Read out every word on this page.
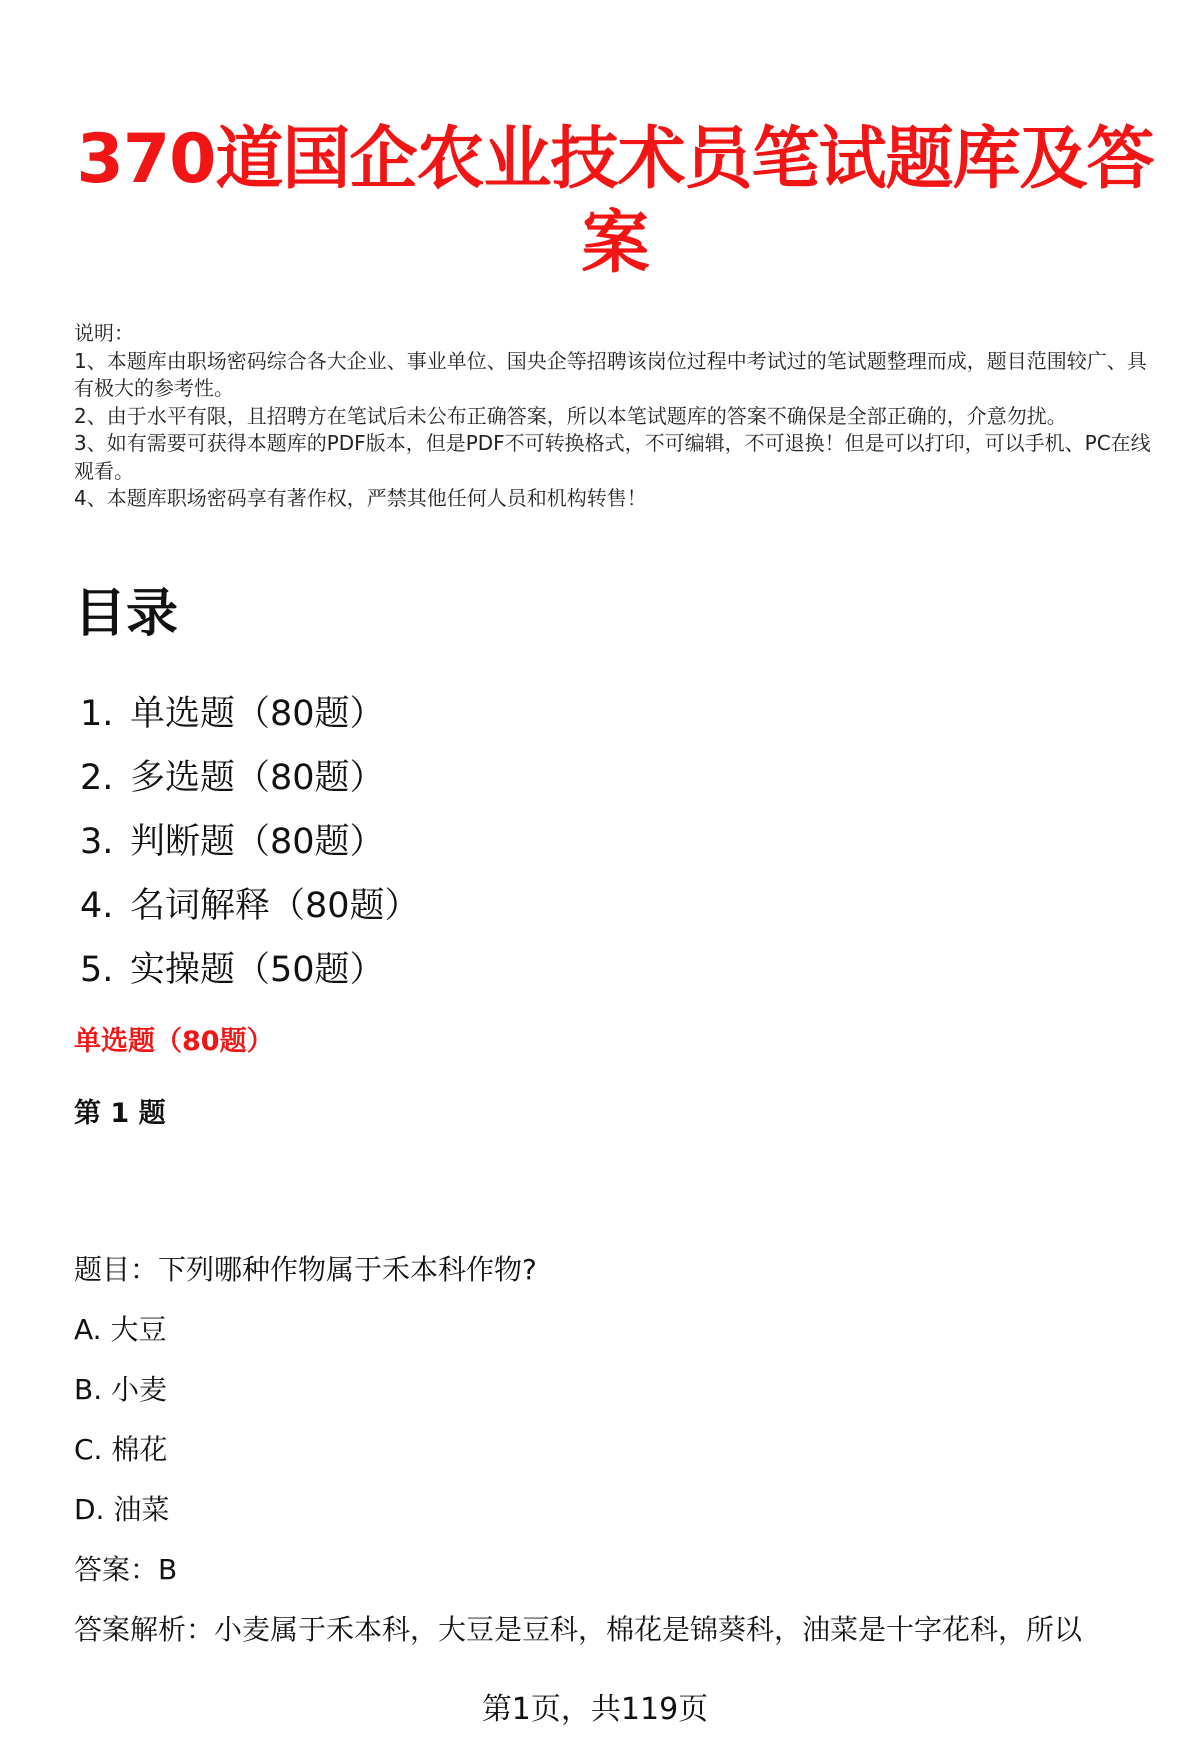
370道国企农业技术员笔试题库及答案

说明：

1、本题库由职场密码综合各大企业、事业单位、国央企等招聘该岗位过程中考试过的笔试题整理而成，题目范围较广、具有极大的参考性。

2、由于水平有限，且招聘方在笔试后未公布正确答案，所以本笔试题库的答案不确保是全部正确的，介意勿扰。

3、如有需要可获得本题库的PDF版本，但是PDF不可转换格式，不可编辑，不可退换！但是可以打印，可以手机、PC在线观看。

4、本题库职场密码享有著作权，严禁其他任何人员和机构转售！

目录
1. 单选题（80题）
2. 多选题（80题）
3. 判断题（80题）
4. 名词解释（80题）
5. 实操题（50题）
单选题（80题）
第 1 题
题目：下列哪种作物属于禾本科作物?
A. 大豆
B. 小麦
C. 棉花
D. 油菜
答案：B
答案解析：小麦属于禾本科，大豆是豆科，棉花是锦葵科，油菜是十字花科，所以
第1页，共119页
